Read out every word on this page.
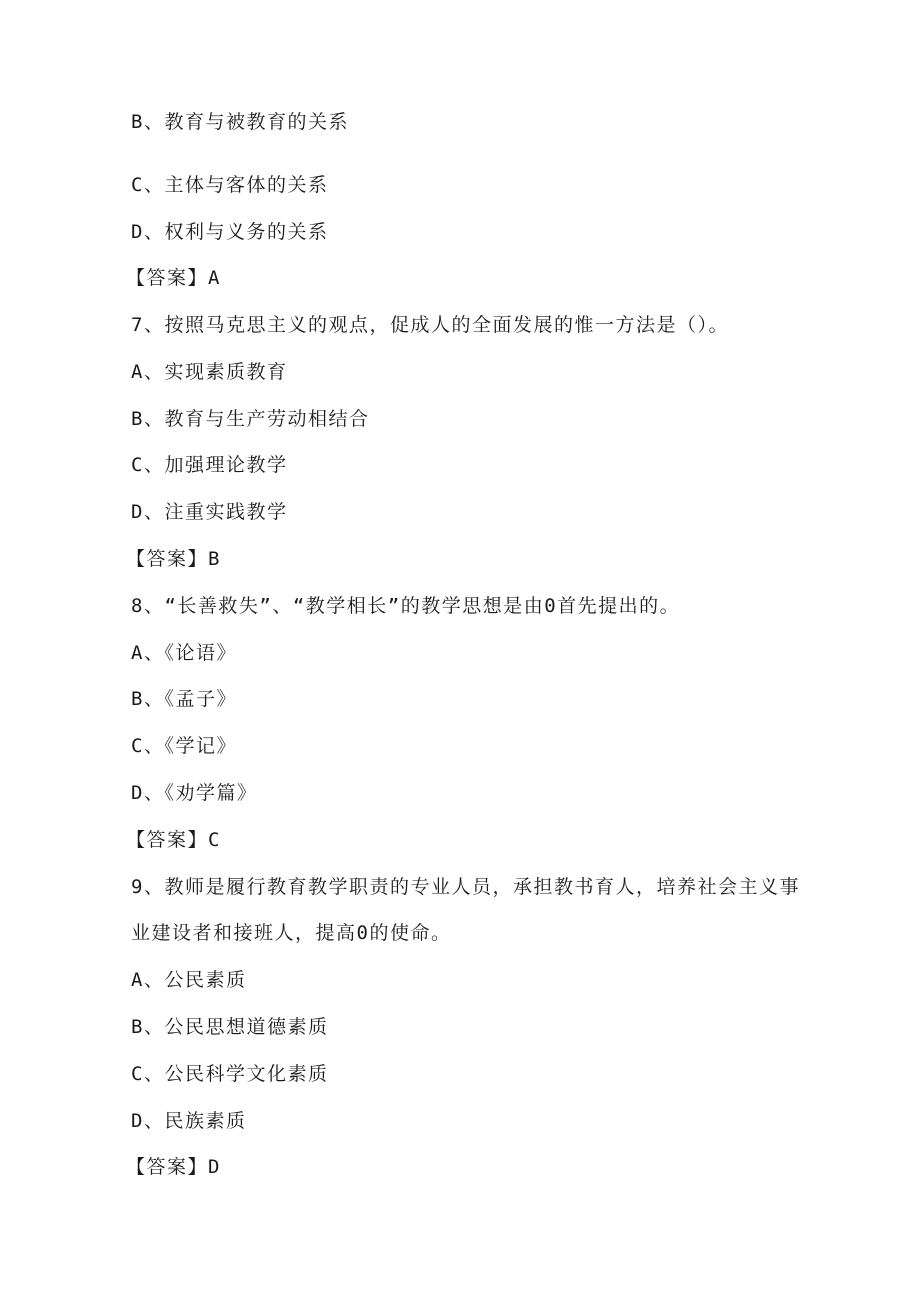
B、教育与被教育的关系
C、主体与客体的关系
D、权利与义务的关系
【答案】A
7、按照马克思主义的观点，促成人的全面发展的惟一方法是（）。
A、实现素质教育
B、教育与生产劳动相结合
C、加强理论教学
D、注重实践教学
【答案】B
8、“长善救失”、“教学相长”的教学思想是由0首先提出的。
A、《论语》
B、《孟子》
C、《学记》
D、《劝学篇》
【答案】C
9、教师是履行教育教学职责的专业人员，承担教书育人，培养社会主义事
业建设者和接班人，提高0的使命。
A、公民素质
B、公民思想道德素质
C、公民科学文化素质
D、民族素质
【答案】D
